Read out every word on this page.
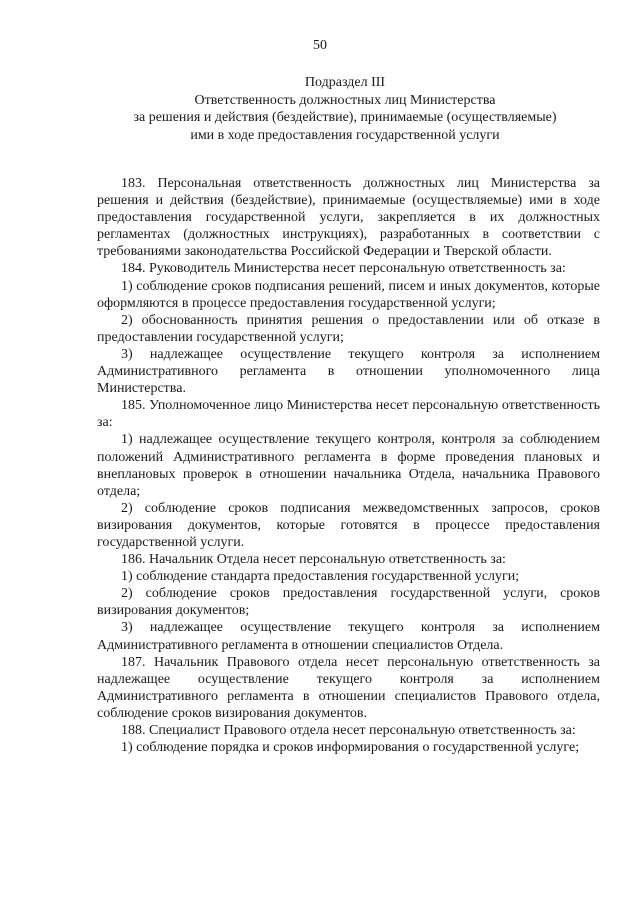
50
Подраздел III
Ответственность должностных лиц Министерства
за решения и действия (бездействие), принимаемые (осуществляемые)
ими в ходе предоставления государственной услуги

183. Персональная ответственность должностных лиц Министерства за решения и действия (бездействие), принимаемые (осуществляемые) ими в ходе предоставления государственной услуги, закрепляется в их должностных регламентах (должностных инструкциях), разработанных в соответствии с требованиями законодательства Российской Федерации и Тверской области.

184. Руководитель Министерства несет персональную ответственность за:

1) соблюдение сроков подписания решений, писем и иных документов, которые оформляются в процессе предоставления государственной услуги;

2) обоснованность принятия решения о предоставлении или об отказе в предоставлении государственной услуги;

3) надлежащее осуществление текущего контроля за исполнением Административного регламента в отношении уполномоченного лица Министерства.

185. Уполномоченное лицо Министерства несет персональную ответственность за:

1) надлежащее осуществление текущего контроля, контроля за соблюдением положений Административного регламента в форме проведения плановых и внеплановых проверок в отношении начальника Отдела, начальника Правового отдела;

2) соблюдение сроков подписания межведомственных запросов, сроков визирования документов, которые готовятся в процессе предоставления государственной услуги.

186. Начальник Отдела несет персональную ответственность за:

1) соблюдение стандарта предоставления государственной услуги;

2) соблюдение сроков предоставления государственной услуги, сроков визирования документов;

3) надлежащее осуществление текущего контроля за исполнением Административного регламента в отношении специалистов Отдела.

187. Начальник Правового отдела несет персональную ответственность за надлежащее осуществление текущего контроля за исполнением Административного регламента в отношении специалистов Правового отдела, соблюдение сроков визирования документов.

188. Специалист Правового отдела несет персональную ответственность за:

1) соблюдение порядка и сроков информирования о государственной услуге;
